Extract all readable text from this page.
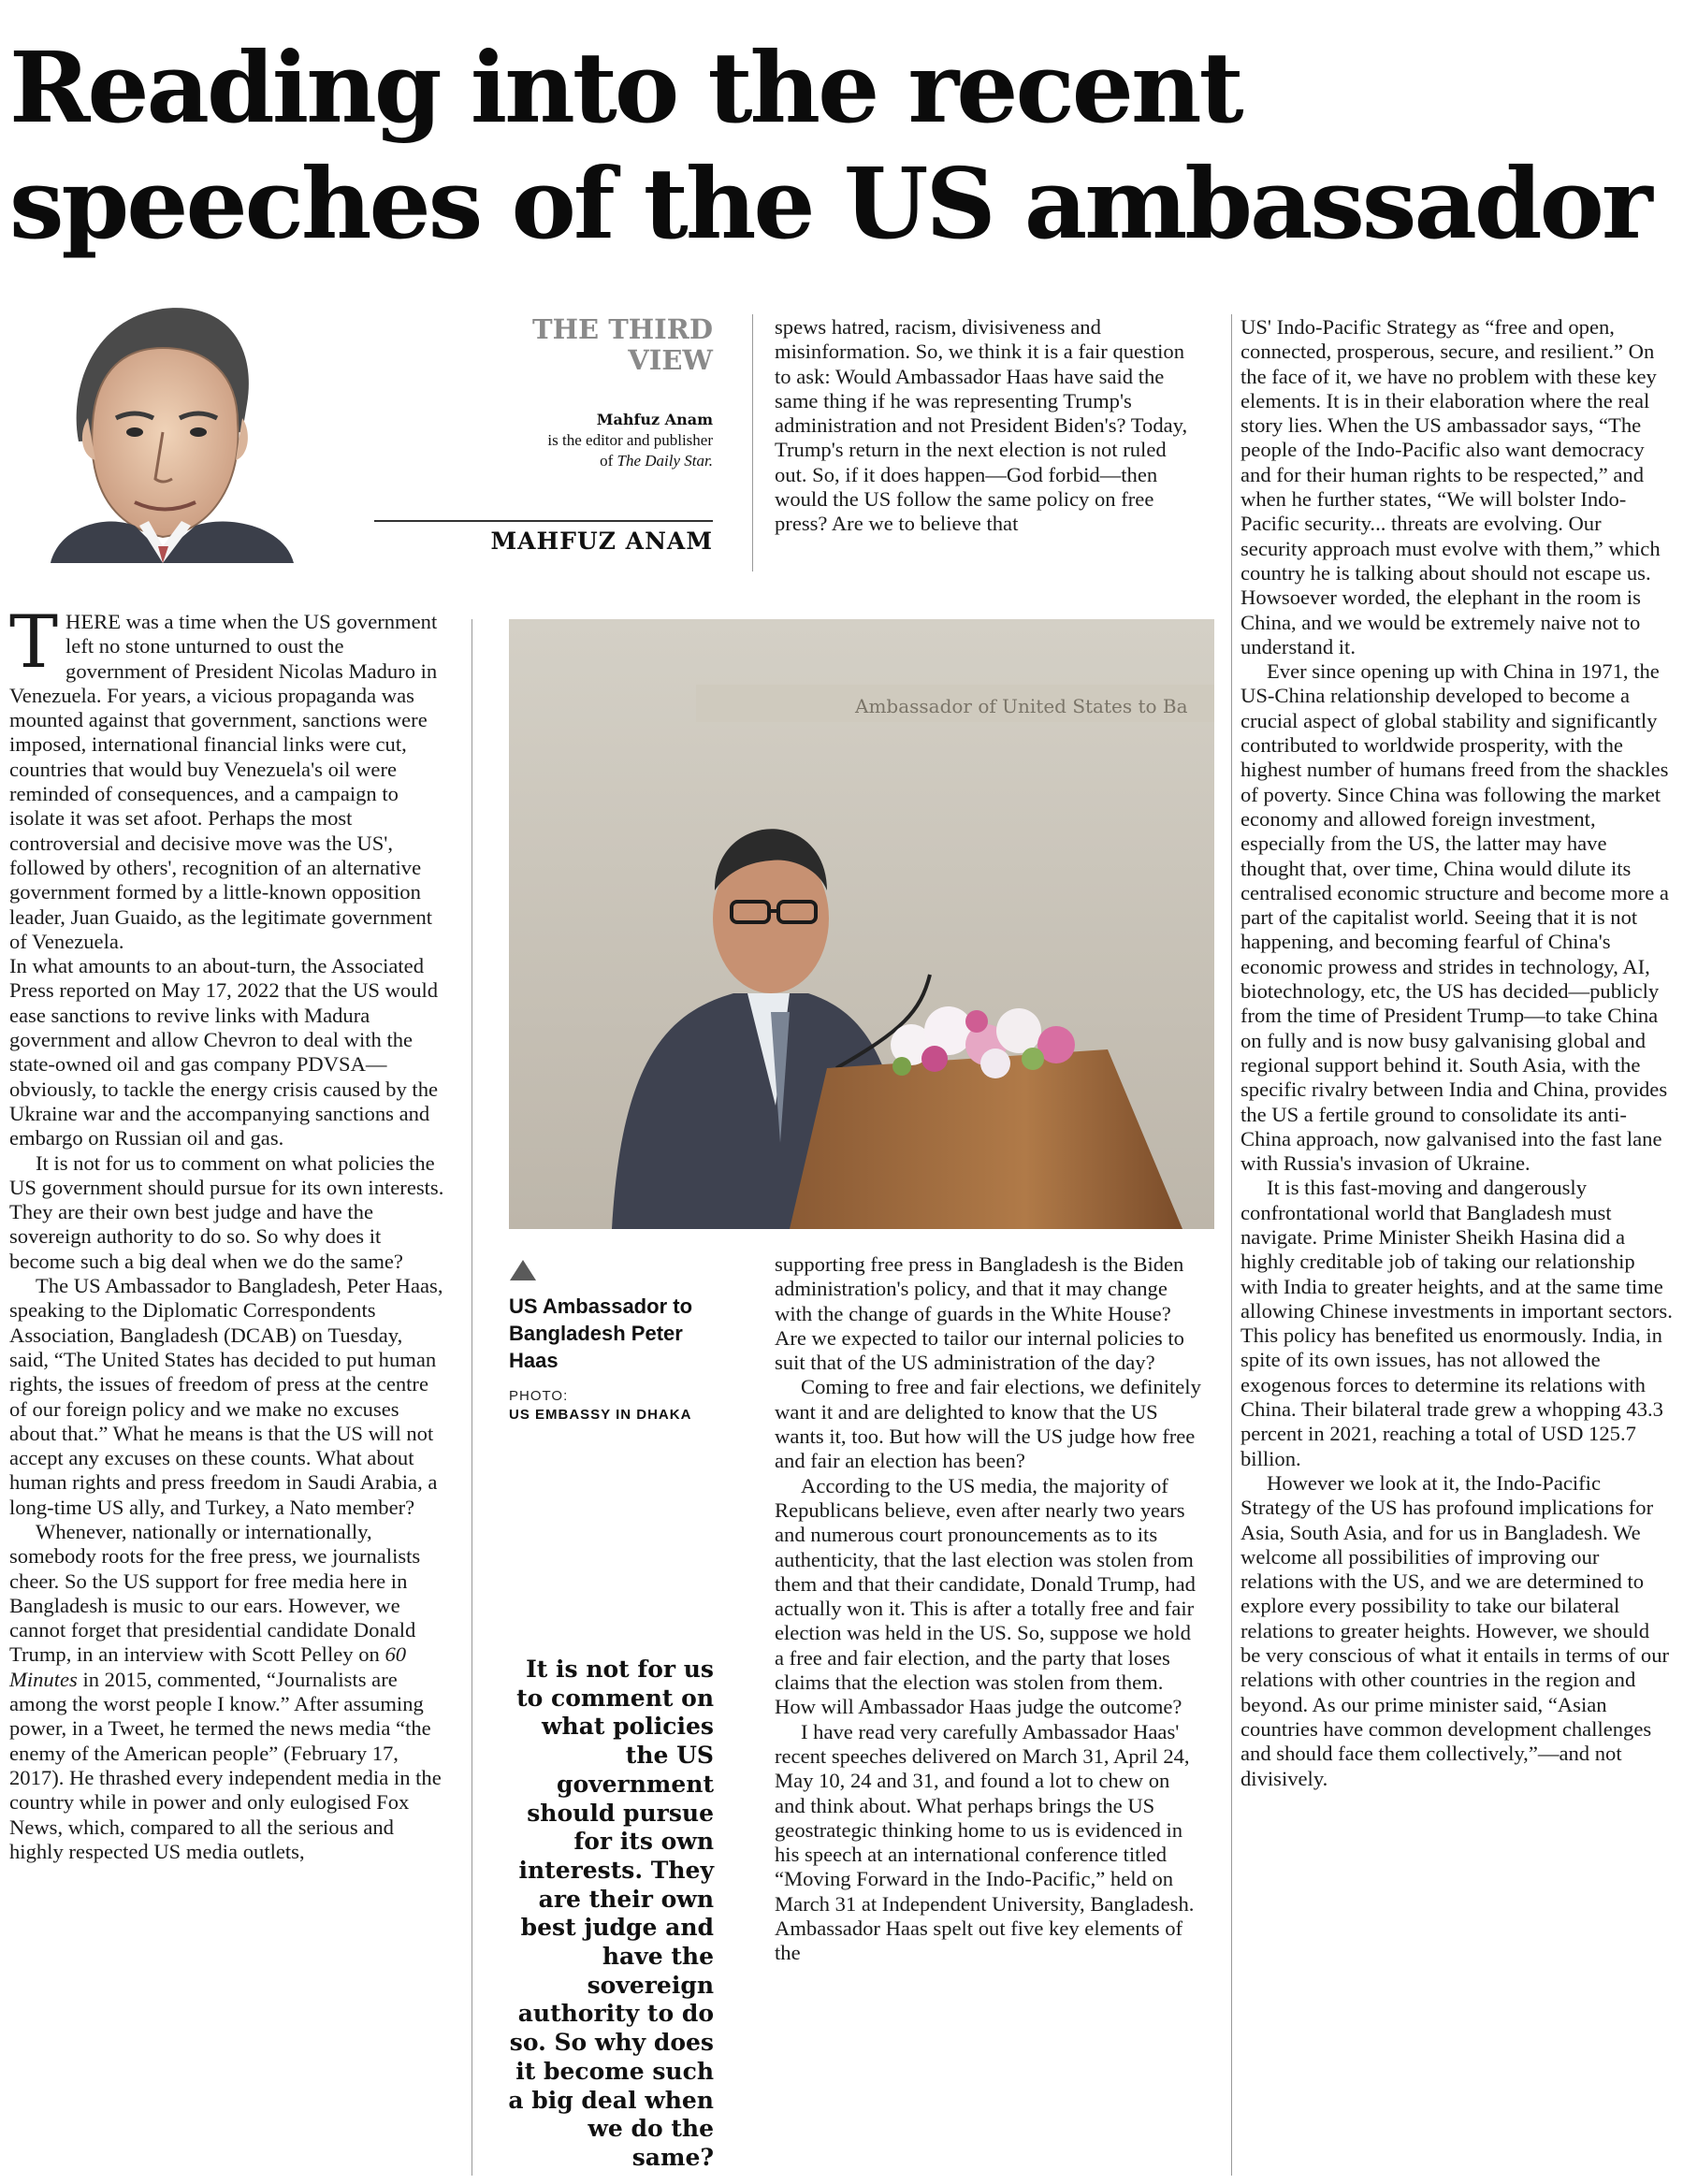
Reading into the recent speeches of the US ambassador
THE THIRD VIEW
Mahfuz Anam
is the editor and publisher
of The Daily Star.
MAHFUZ ANAM

THERE was a time when the US government left no stone unturned to oust the government of President Nicolas Maduro in Venezuela. For years, a vicious propaganda was mounted against that government, sanctions were imposed, international financial links were cut, countries that would buy Venezuela's oil were reminded of consequences, and a campaign to isolate it was set afoot. Perhaps the most controversial and decisive move was the US', followed by others', recognition of an alternative government formed by a little-known opposition leader, Juan Guaido, as the legitimate government of Venezuela.

In what amounts to an about-turn, the Associated Press reported on May 17, 2022 that the US would ease sanctions to revive links with Madura government and allow Chevron to deal with the state-owned oil and gas company PDVSA—obviously, to tackle the energy crisis caused by the Ukraine war and the accompanying sanctions and embargo on Russian oil and gas.

It is not for us to comment on what policies the US government should pursue for its own interests. They are their own best judge and have the sovereign authority to do so. So why does it become such a big deal when we do the same?

The US Ambassador to Bangladesh, Peter Haas, speaking to the Diplomatic Correspondents Association, Bangladesh (DCAB) on Tuesday, said, “The United States has decided to put human rights, the issues of freedom of press at the centre of our foreign policy and we make no excuses about that.” What he means is that the US will not accept any excuses on these counts. What about human rights and press freedom in Saudi Arabia, a long-time US ally, and Turkey, a Nato member?

Whenever, nationally or internationally, somebody roots for the free press, we journalists cheer. So the US support for free media here in Bangladesh is music to our ears. However, we cannot forget that presidential candidate Donald Trump, in an interview with Scott Pelley on 60 Minutes in 2015, commented, “Journalists are among the worst people I know.” After assuming power, in a Tweet, he termed the news media “the enemy of the American people” (February 17, 2017). He thrashed every independent media in the country while in power and only eulogised Fox News, which, compared to all the serious and highly respected US media outlets,

spews hatred, racism, divisiveness and misinformation. So, we think it is a fair question to ask: Would Ambassador Haas have said the same thing if he was representing Trump's administration and not President Biden's? Today, Trump's return in the next election is not ruled out. So, if it does happen—God forbid—then would the US follow the same policy on free press? Are we to believe that

Ambassador of United States to Ba
US Ambassador to Bangladesh Peter Haas
PHOTO:
US EMBASSY IN DHAKA
It is not for us to comment on what policies the US government should pursue for its own interests. They are their own best judge and have the sovereign authority to do so. So why does it become such a big deal when we do the same?

supporting free press in Bangladesh is the Biden administration's policy, and that it may change with the change of guards in the White House? Are we expected to tailor our internal policies to suit that of the US administration of the day?

Coming to free and fair elections, we definitely want it and are delighted to know that the US wants it, too. But how will the US judge how free and fair an election has been?

According to the US media, the majority of Republicans believe, even after nearly two years and numerous court pronouncements as to its authenticity, that the last election was stolen from them and that their candidate, Donald Trump, had actually won it. This is after a totally free and fair election was held in the US. So, suppose we hold a free and fair election, and the party that loses claims that the election was stolen from them. How will Ambassador Haas judge the outcome?

I have read very carefully Ambassador Haas' recent speeches delivered on March 31, April 24, May 10, 24 and 31, and found a lot to chew on and think about. What perhaps brings the US geostrategic thinking home to us is evidenced in his speech at an international conference titled “Moving Forward in the Indo-Pacific,” held on March 31 at Independent University, Bangladesh. Ambassador Haas spelt out five key elements of the

US' Indo-Pacific Strategy as “free and open, connected, prosperous, secure, and resilient.” On the face of it, we have no problem with these key elements. It is in their elaboration where the real story lies. When the US ambassador says, “The people of the Indo-Pacific also want democracy and for their human rights to be respected,” and when he further states, “We will bolster Indo-Pacific security... threats are evolving. Our security approach must evolve with them,” which country he is talking about should not escape us. Howsoever worded, the elephant in the room is China, and we would be extremely naive not to understand it.

Ever since opening up with China in 1971, the US-China relationship developed to become a crucial aspect of global stability and significantly contributed to worldwide prosperity, with the highest number of humans freed from the shackles of poverty. Since China was following the market economy and allowed foreign investment, especially from the US, the latter may have thought that, over time, China would dilute its centralised economic structure and become more a part of the capitalist world. Seeing that it is not happening, and becoming fearful of China's economic prowess and strides in technology, AI, biotechnology, etc, the US has decided—publicly from the time of President Trump—to take China on fully and is now busy galvanising global and regional support behind it. South Asia, with the specific rivalry between India and China, provides the US a fertile ground to consolidate its anti-China approach, now galvanised into the fast lane with Russia's invasion of Ukraine.

It is this fast-moving and dangerously confrontational world that Bangladesh must navigate. Prime Minister Sheikh Hasina did a highly creditable job of taking our relationship with India to greater heights, and at the same time allowing Chinese investments in important sectors. This policy has benefited us enormously. India, in spite of its own issues, has not allowed the exogenous forces to determine its relations with China. Their bilateral trade grew a whopping 43.3 percent in 2021, reaching a total of USD 125.7 billion.

However we look at it, the Indo-Pacific Strategy of the US has profound implications for Asia, South Asia, and for us in Bangladesh. We welcome all possibilities of improving our relations with the US, and we are determined to explore every possibility to take our bilateral relations to greater heights. However, we should be very conscious of what it entails in terms of our relations with other countries in the region and beyond. As our prime minister said, “Asian countries have common development challenges and should face them collectively,”—and not divisively.
